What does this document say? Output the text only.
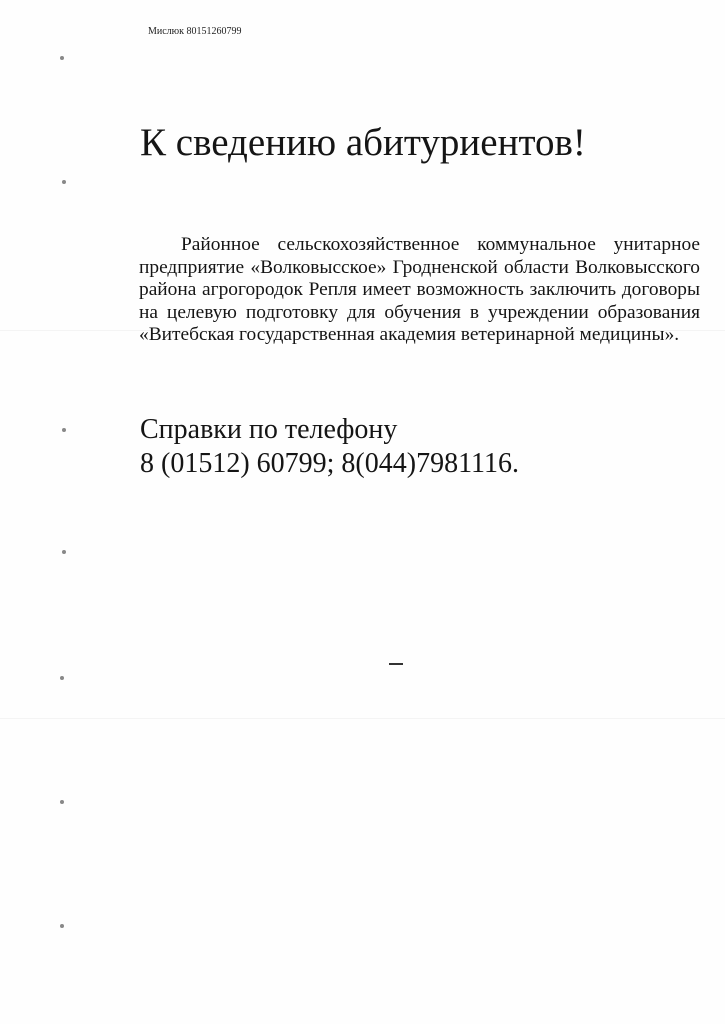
Мислюк 80151260799
К сведению абитуриентов!

Районное сельскохозяйственное коммунальное унитарное предприятие «Волковысское» Гродненской области Волковысского района агрогородок Репля имеет возможность заключить договоры на целевую подготовку для обучения в учреждении образования «Витебская государственная академия ветеринарной медицины».

Справки по телефону
8 (01512) 60799; 8(044)7981116.
